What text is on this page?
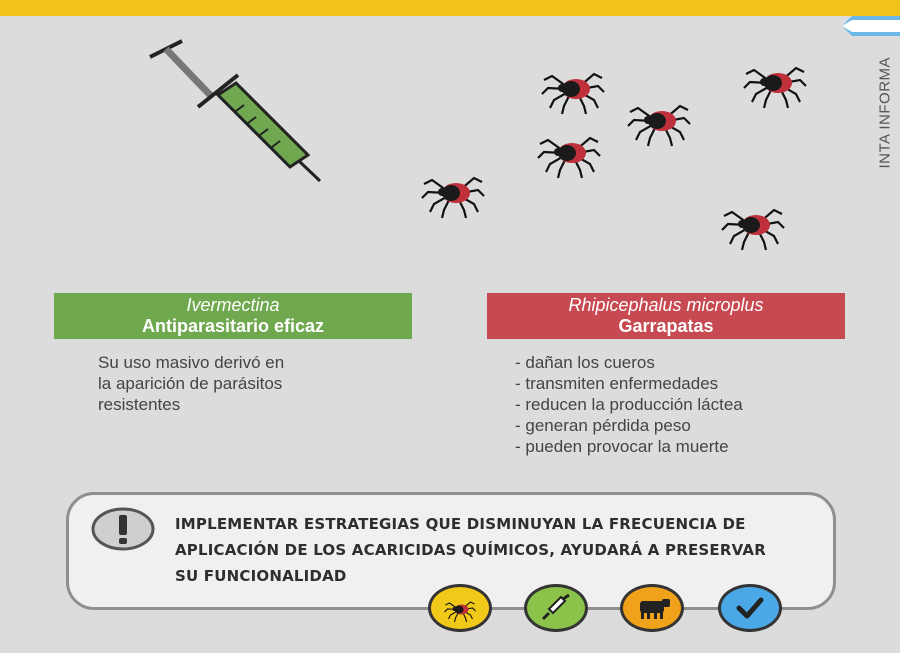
INTA INFORMA
Ivermectina
Antiparasitario eficaz
Rhipicephalus microplus
Garrapatas
Su uso masivo derivó en
la aparición de parásitos
resistentes
- dañan los cueros
- transmiten enfermedades
- reducen la producción láctea
- generan pérdida peso
- pueden provocar la muerte
IMPLEMENTAR ESTRATEGIAS QUE DISMINUYAN LA FRECUENCIA DE
APLICACIÓN DE LOS ACARICIDAS QUÍMICOS, AYUDARÁ A PRESERVAR
SU FUNCIONALIDAD
